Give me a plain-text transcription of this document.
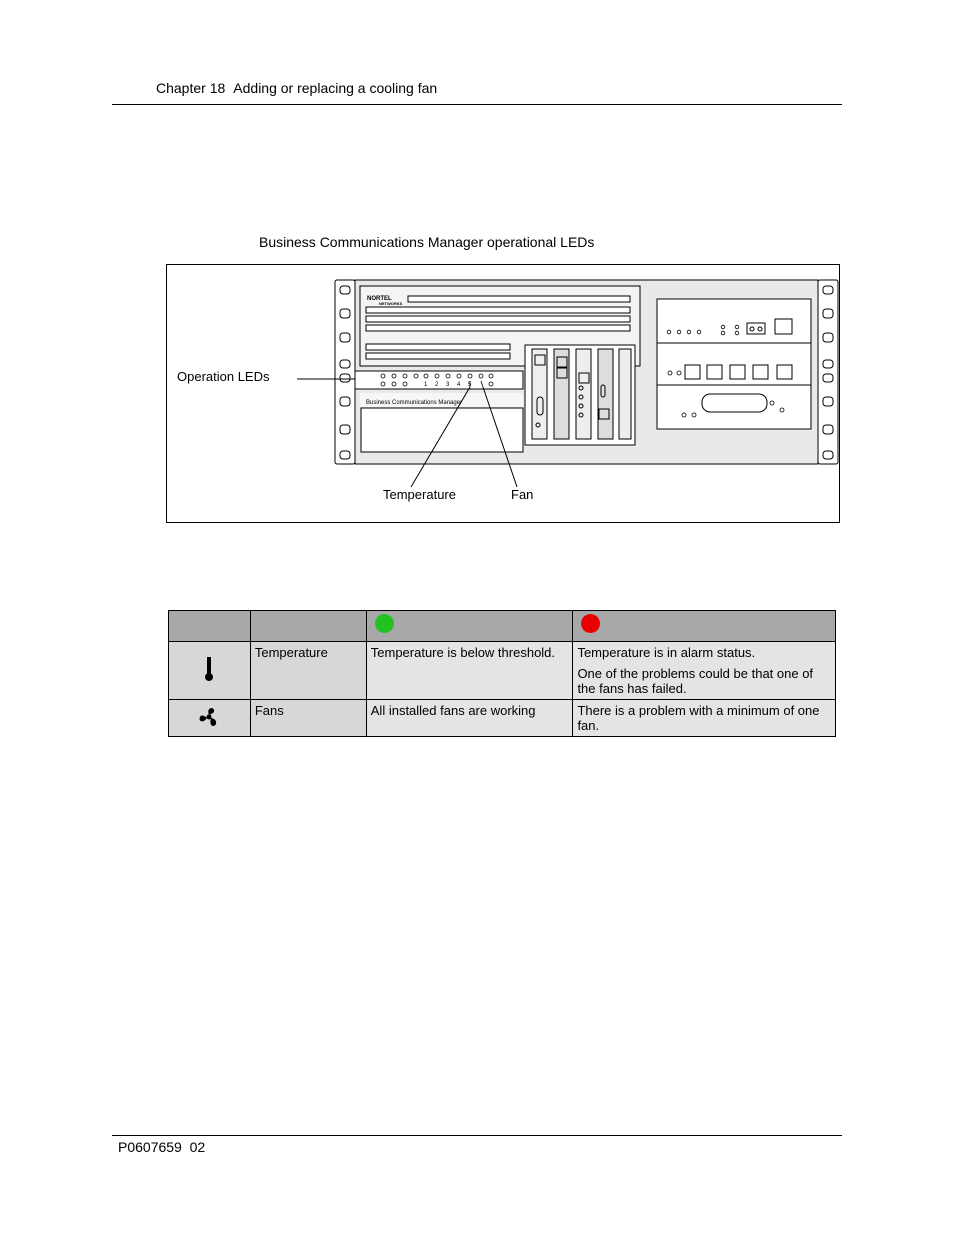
Chapter 18 Adding or replacing a cooling fan
Business Communications Manager operational LEDs
NORTEL
NETWORKS
1 2 3 4 5
Business Communications Manager
Operation LEDs
Temperature	Fan

	Temperature	Temperature is below threshold.	Temperature is in alarm status.
One of the problems could be that one of the fans has failed.

	Fans	All installed fans are working	There is a problem with a minimum of one fan.
P0607659 02
